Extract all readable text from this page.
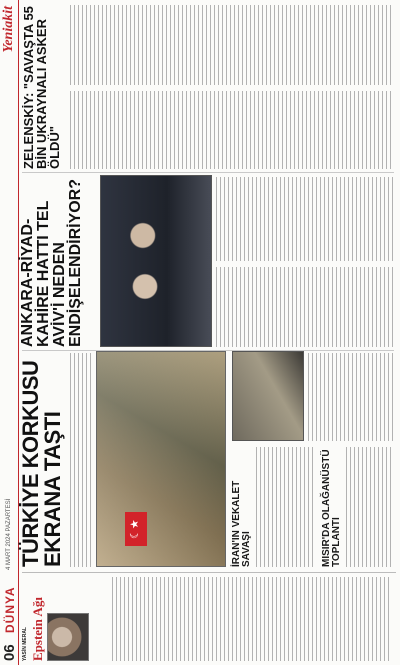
06
DÜNYA
4 MART 2024 PAZARTESİ
Yeniakit
YASİN MERAL Epstein Ağı
TÜRKİYE KORKUSU EKRANA TAŞTI
☾★
ANKARA-RİYAD-KAHİRE HATTI TEL AVİV'İ NEDEN ENDİŞELENDİRİYOR?
ZELENSKİY: "SAVAŞTA 55 BİN UKRAYNALI ASKER ÖLDÜ"
İRAN'IN VEKALET SAVAŞI	MISIR'DA OLAĞANÜSTÜ TOPLANTI
